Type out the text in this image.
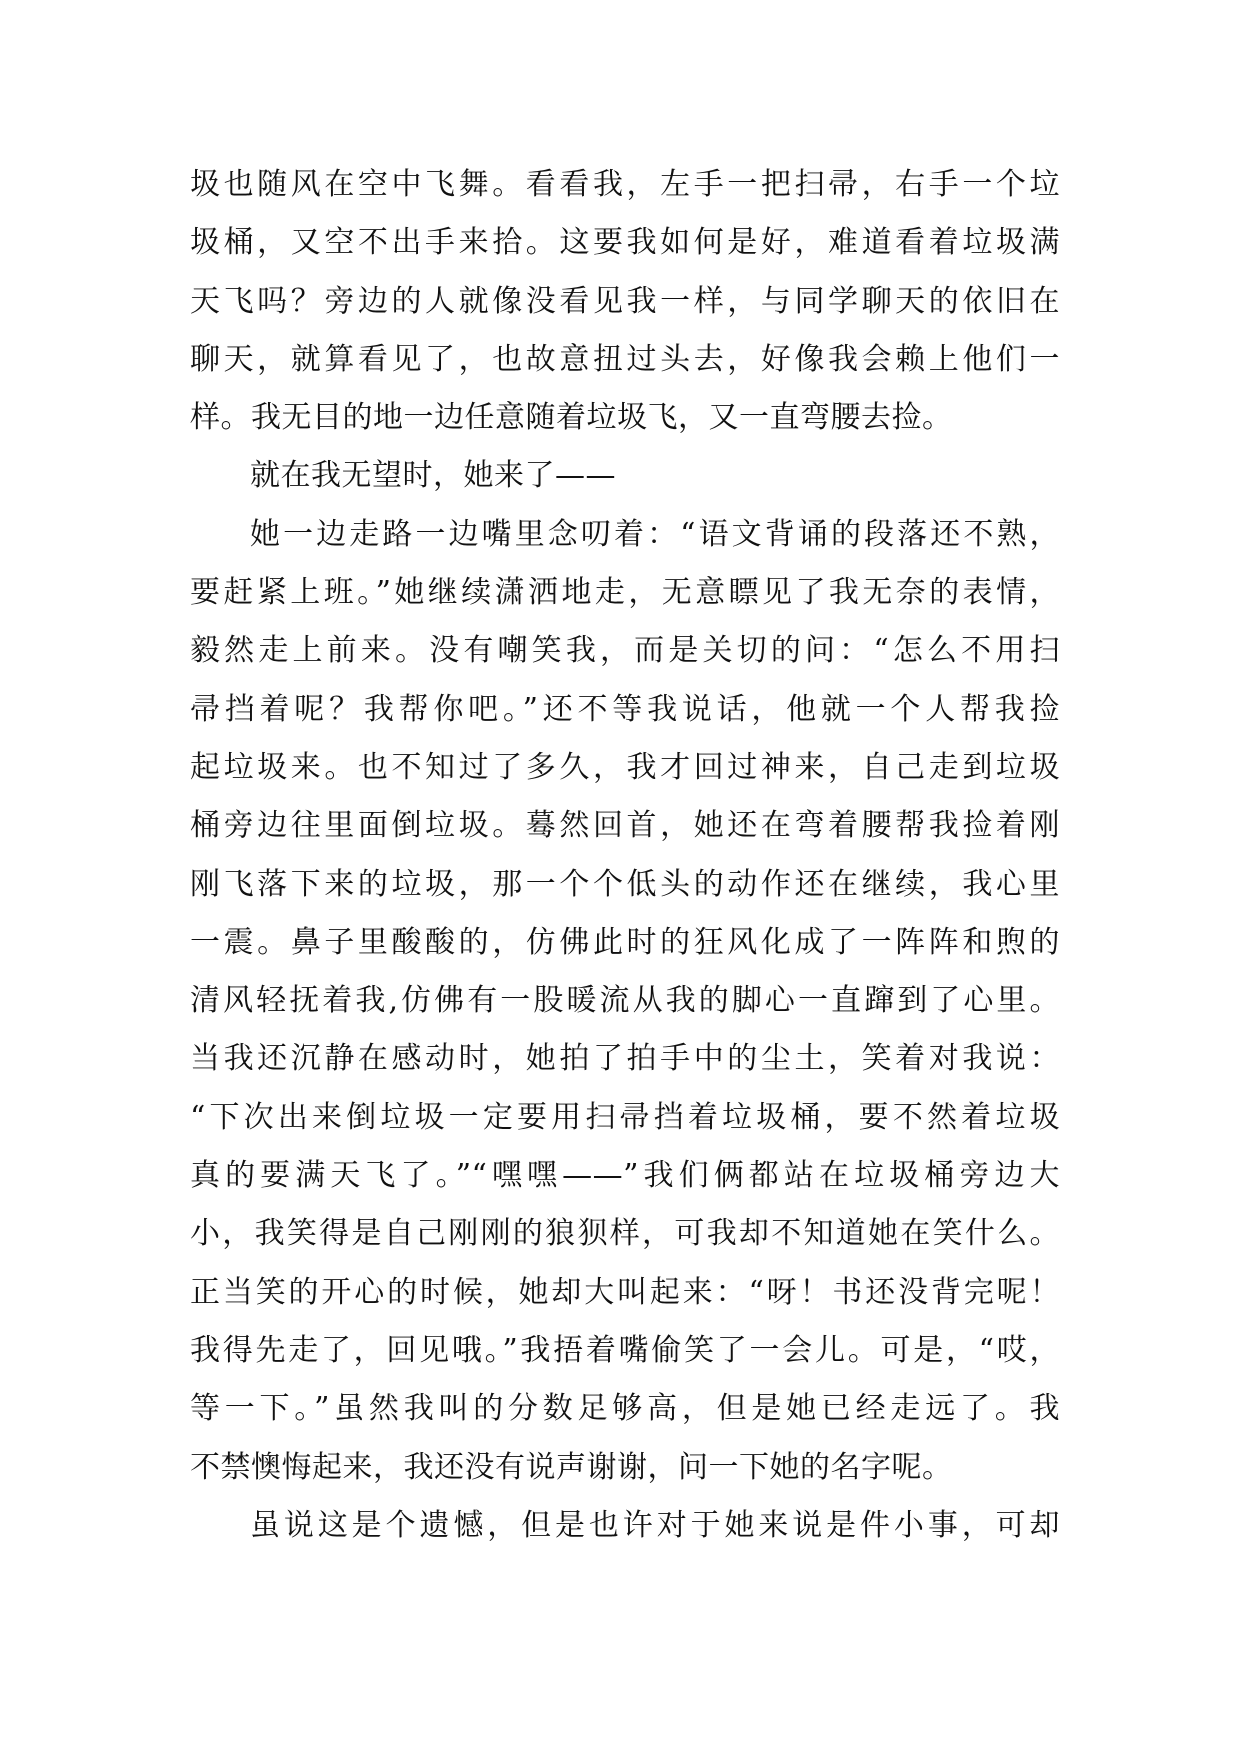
圾也随风在空中飞舞。看看我，左手一把扫帚，右手一个垃
圾桶，又空不出手来拾。这要我如何是好，难道看着垃圾满
天飞吗？旁边的人就像没看见我一样，与同学聊天的依旧在
聊天，就算看见了，也故意扭过头去，好像我会赖上他们一
样。我无目的地一边任意随着垃圾飞，又一直弯腰去捡。
就在我无望时，她来了——
她一边走路一边嘴里念叨着：“语文背诵的段落还不熟，
要赶紧上班。”她继续潇洒地走，无意瞟见了我无奈的表情，
毅然走上前来。没有嘲笑我，而是关切的问：“怎么不用扫
帚挡着呢？我帮你吧。”还不等我说话，他就一个人帮我捡
起垃圾来。也不知过了多久，我才回过神来，自己走到垃圾
桶旁边往里面倒垃圾。蓦然回首，她还在弯着腰帮我捡着刚
刚飞落下来的垃圾，那一个个低头的动作还在继续，我心里
一震。鼻子里酸酸的，仿佛此时的狂风化成了一阵阵和煦的
清风轻抚着我,仿佛有一股暖流从我的脚心一直蹿到了心里。
当我还沉静在感动时，她拍了拍手中的尘土，笑着对我说：
“下次出来倒垃圾一定要用扫帚挡着垃圾桶，要不然着垃圾
真的要满天飞了。”“嘿嘿——”我们俩都站在垃圾桶旁边大
小，我笑得是自己刚刚的狼狈样，可我却不知道她在笑什么。
正当笑的开心的时候，她却大叫起来：“呀！书还没背完呢！
我得先走了，回见哦。”我捂着嘴偷笑了一会儿。可是，“哎，
等一下。”虽然我叫的分数足够高，但是她已经走远了。我
不禁懊悔起来，我还没有说声谢谢，问一下她的名字呢。
虽说这是个遗憾，但是也许对于她来说是件小事，可却
